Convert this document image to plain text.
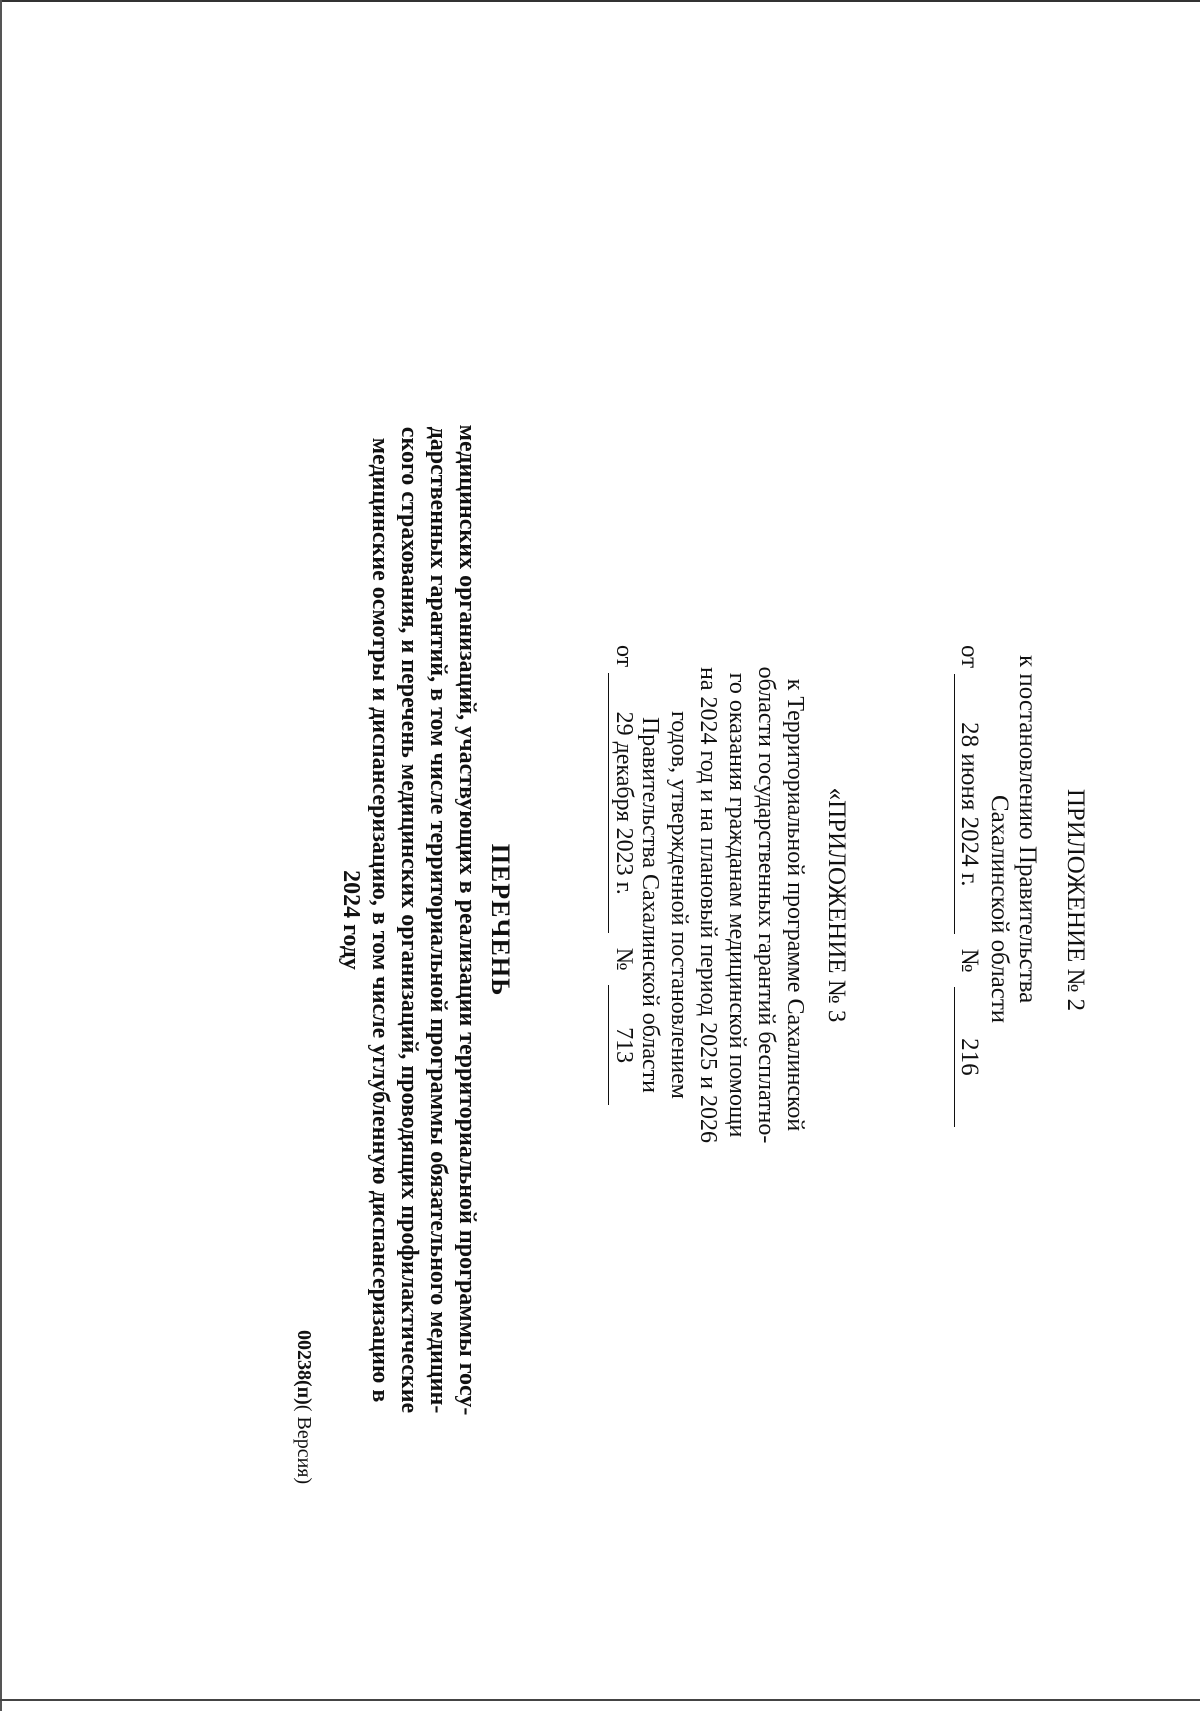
ПРИЛОЖЕНИЕ № 2
к постановлению Правительства
Сахалинской области
от 28 июня 2024 г. № 216
«ПРИЛОЖЕНИЕ № 3
к Территориальной программе Сахалинской
области государственных гарантий бесплатно-
го оказания гражданам медицинской помощи
на 2024 год и на плановый период 2025 и 2026
годов, утвержденной постановлением
Правительства Сахалинской области
от 29 декабря 2023 г. № 713

ПЕРЕЧЕНЬ

медицинских организаций, участвующих в реализации территориальной программы госу-

дарственных гарантий, в том числе территориальной программы обязательного медицин-

ского страхования, и перечень медицинских организаций, проводящих профилактические

медицинские осмотры и диспансеризацию, в том числе углубленную диспансеризацию в

2024 году

00238(п)( Версия)
